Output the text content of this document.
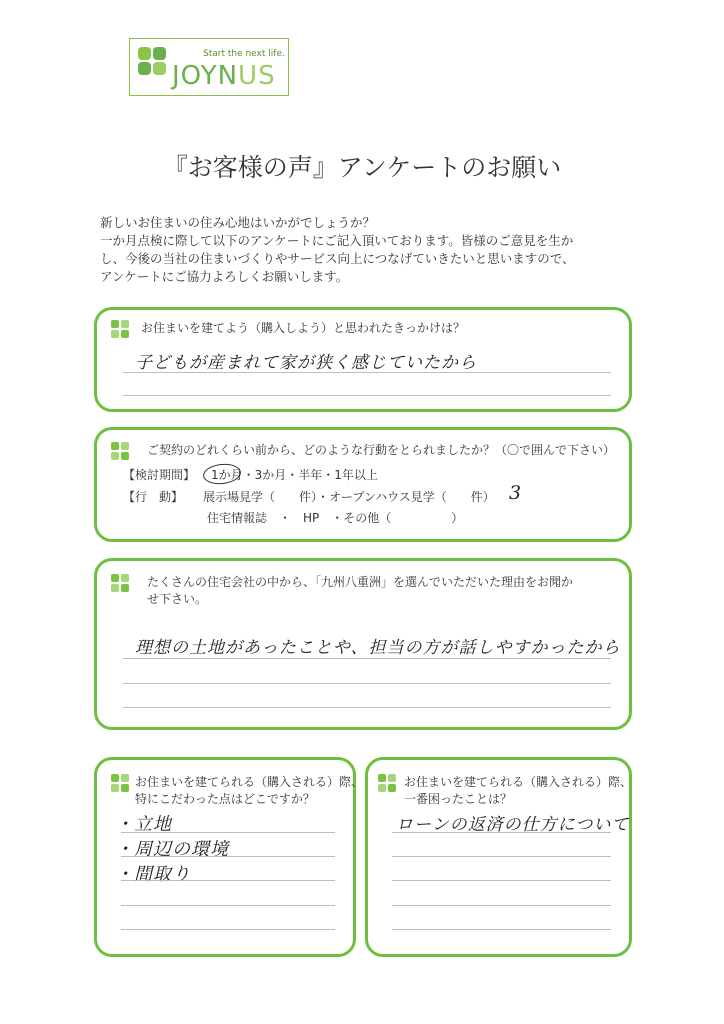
Start the next life.
JOYNUS
『お客様の声』アンケートのお願い
新しいお住まいの住み心地はいかがでしょうか？
一か月点検に際して以下のアンケートにご記入頂いております。皆様のご意見を生か
し、今後の当社の住まいづくりやサービス向上につなげていきたいと思いますので、
アンケートにご協力よろしくお願いします。
お住まいを建てよう（購入しよう）と思われたきっかけは？
子どもが産まれて家が狭く感じていたから
ご契約のどれくらい前から、どのような行動をとられましたか？（〇で囲んで下さい）
【検討期間】 1か月・3か月・半年・1年以上
【行　動】 展示場見学（　　件）・オープンハウス見学（　　件） 3
住宅情報誌　・　HP　・その他（　　　　　）
たくさんの住宅会社の中から、「九州八重洲」を選んでいただいた理由をお聞か
せ下さい。
理想の土地があったことや、担当の方が話しやすかったから
お住まいを建てられる（購入される）際、
特にこだわった点はどこですか？
・立地
・周辺の環境
・間取り
お住まいを建てられる（購入される）際、
一番困ったことは？
ローンの返済の仕方について
